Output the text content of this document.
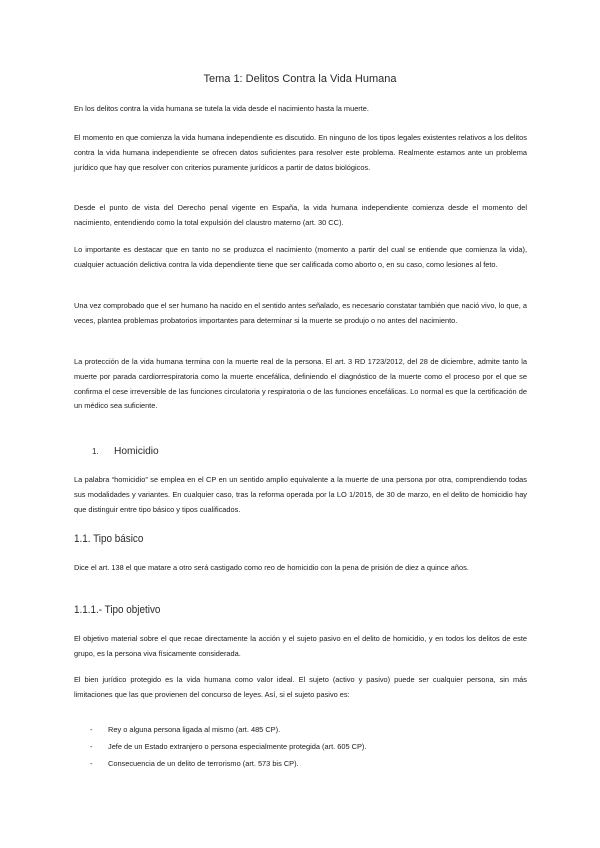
Tema 1: Delitos Contra la Vida Humana

En los delitos contra la vida humana se tutela la vida desde el nacimiento hasta la muerte.

El momento en que comienza la vida humana independiente es discutido. En ninguno de los tipos legales existentes relativos a los delitos contra la vida humana independiente se ofrecen datos suficientes para resolver este problema. Realmente estamos ante un problema jurídico que hay que resolver con criterios puramente jurídicos a partir de datos biológicos.

Desde el punto de vista del Derecho penal vigente en España, la vida humana independiente comienza desde el momento del nacimiento, entendiendo como la total expulsión del claustro materno (art. 30 CC).

Lo importante es destacar que en tanto no se produzca el nacimiento (momento a partir del cual se entiende que comienza la vida), cualquier actuación delictiva contra la vida dependiente tiene que ser calificada como aborto o, en su caso, como lesiones al feto.

Una vez comprobado que el ser humano ha nacido en el sentido antes señalado, es necesario constatar también que nació vivo, lo que, a veces, plantea problemas probatorios importantes para determinar si la muerte se produjo o no antes del nacimiento.

La protección de la vida humana termina con la muerte real de la persona. El art. 3 RD 1723/2012, del 28 de diciembre, admite tanto la muerte por parada cardiorrespiratoria como la muerte encefálica, definiendo el diagnóstico de la muerte como el proceso por el que se confirma el cese irreversible de las funciones circulatoria y respiratoria o de las funciones encefálicas. Lo normal es que la certificación de un médico sea suficiente.

1. Homicidio

La palabra “homicidio” se emplea en el CP en un sentido amplio equivalente a la muerte de una persona por otra, comprendiendo todas sus modalidades y variantes. En cualquier caso, tras la reforma operada por la LO 1/2015, de 30 de marzo, en el delito de homicidio hay que distinguir entre tipo básico y tipos cualificados.

1.1. Tipo básico

Dice el art. 138 el que matare a otro será castigado como reo de homicidio con la pena de prisión de diez a quince años.

1.1.1.- Tipo objetivo

El objetivo material sobre el que recae directamente la acción y el sujeto pasivo en el delito de homicidio, y en todos los delitos de este grupo, es la persona viva físicamente considerada.

El bien jurídico protegido es la vida humana como valor ideal. El sujeto (activo y pasivo) puede ser cualquier persona, sin más limitaciones que las que provienen del concurso de leyes. Así, si el sujeto pasivo es:

- Rey o alguna persona ligada al mismo (art. 485 CP).
- Jefe de un Estado extranjero o persona especialmente protegida (art. 605 CP).
- Consecuencia de un delito de terrorismo (art. 573 bis CP).
